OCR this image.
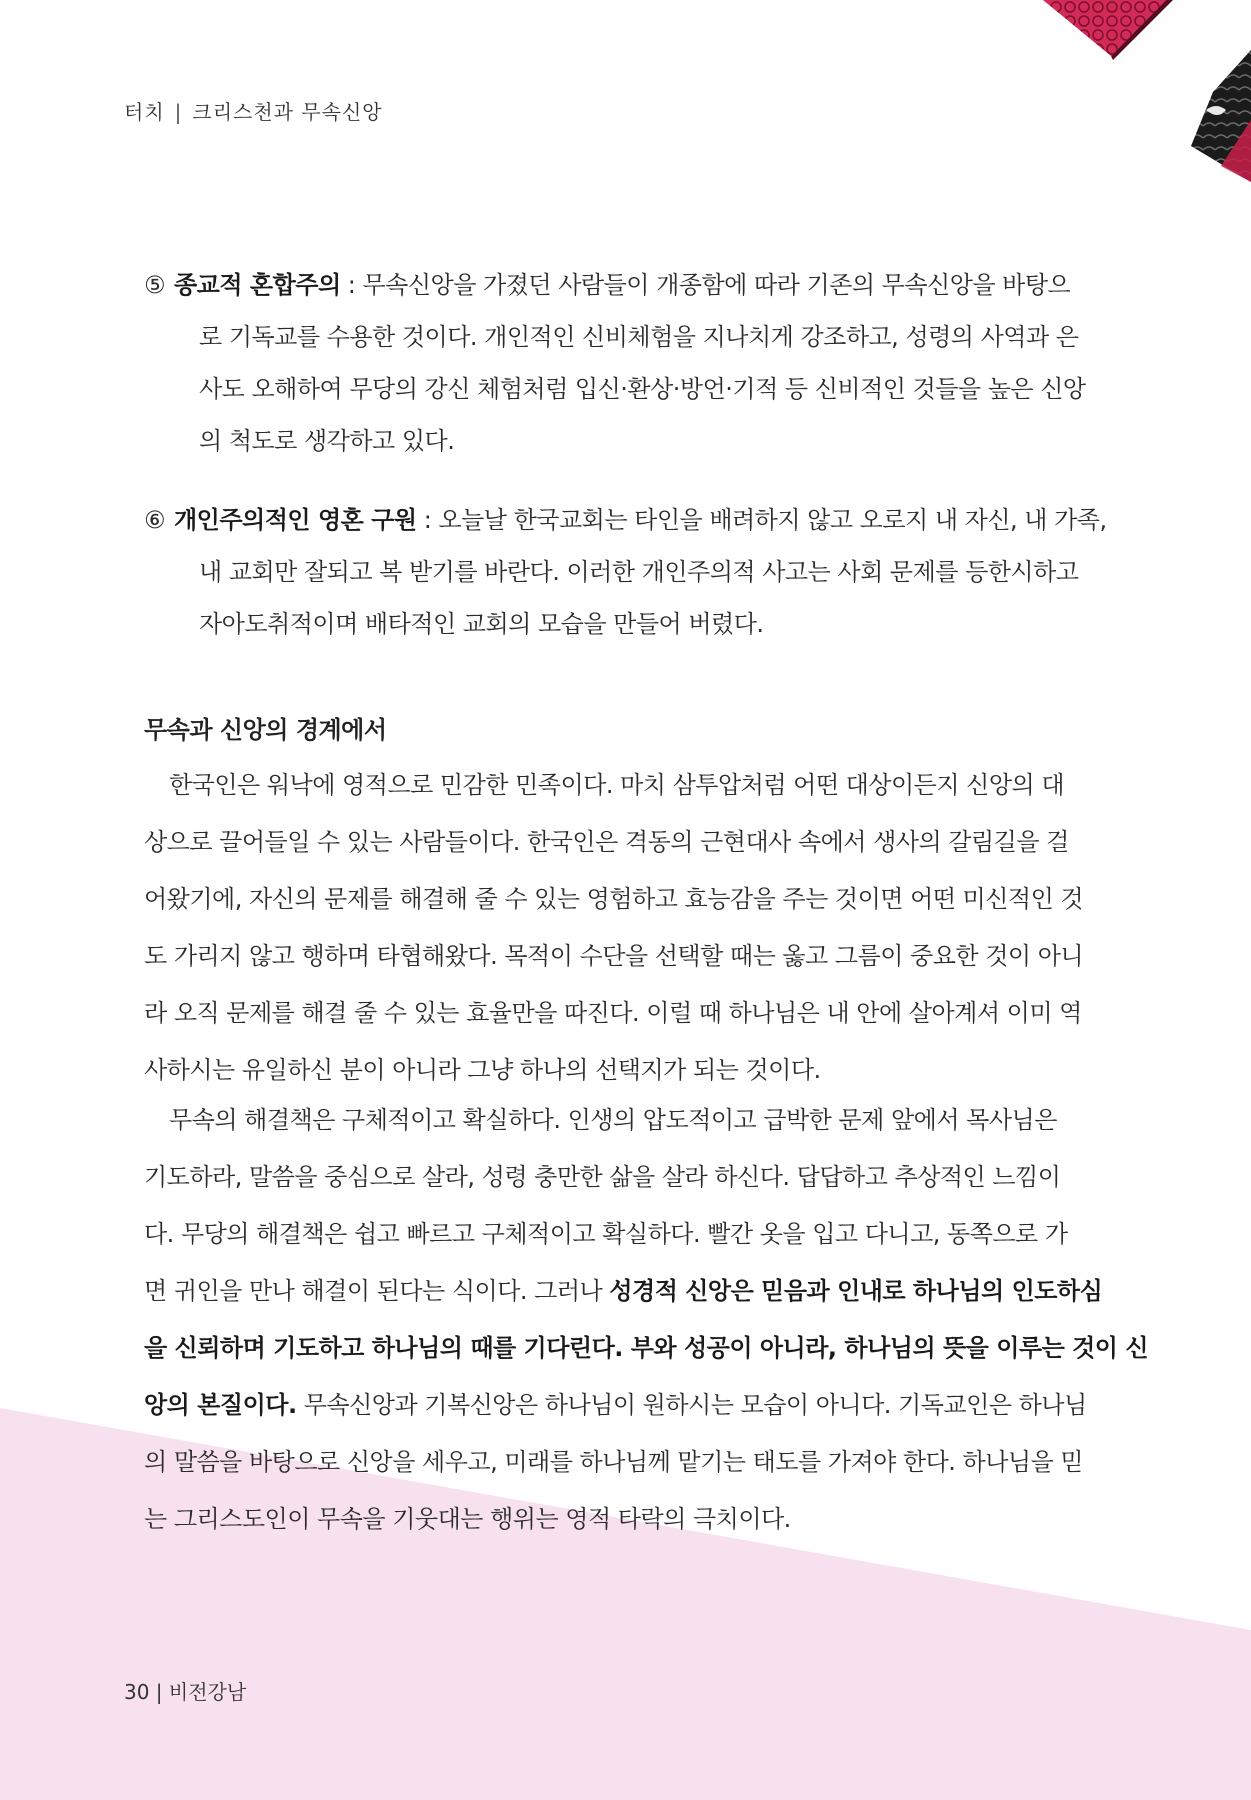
터치 | 크리스천과 무속신앙
⑤ 종교적 혼합주의 : 무속신앙을 가졌던 사람들이 개종함에 따라 기존의 무속신앙을 바탕으
로 기독교를 수용한 것이다. 개인적인 신비체험을 지나치게 강조하고, 성령의 사역과 은
사도 오해하여 무당의 강신 체험처럼 입신·환상·방언·기적 등 신비적인 것들을 높은 신앙
의 척도로 생각하고 있다.
⑥ 개인주의적인 영혼 구원 : 오늘날 한국교회는 타인을 배려하지 않고 오로지 내 자신, 내 가족,
내 교회만 잘되고 복 받기를 바란다. 이러한 개인주의적 사고는 사회 문제를 등한시하고
자아도취적이며 배타적인 교회의 모습을 만들어 버렸다.
무속과 신앙의 경계에서
한국인은 워낙에 영적으로 민감한 민족이다. 마치 삼투압처럼 어떤 대상이든지 신앙의 대
상으로 끌어들일 수 있는 사람들이다. 한국인은 격동의 근현대사 속에서 생사의 갈림길을 걸
어왔기에, 자신의 문제를 해결해 줄 수 있는 영험하고 효능감을 주는 것이면 어떤 미신적인 것
도 가리지 않고 행하며 타협해왔다. 목적이 수단을 선택할 때는 옳고 그름이 중요한 것이 아니
라 오직 문제를 해결 줄 수 있는 효율만을 따진다. 이럴 때 하나님은 내 안에 살아계셔 이미 역
사하시는 유일하신 분이 아니라 그냥 하나의 선택지가 되는 것이다.
무속의 해결책은 구체적이고 확실하다. 인생의 압도적이고 급박한 문제 앞에서 목사님은
기도하라, 말씀을 중심으로 살라, 성령 충만한 삶을 살라 하신다. 답답하고 추상적인 느낌이
다. 무당의 해결책은 쉽고 빠르고 구체적이고 확실하다. 빨간 옷을 입고 다니고, 동쪽으로 가
면 귀인을 만나 해결이 된다는 식이다. 그러나 성경적 신앙은 믿음과 인내로 하나님의 인도하심
을 신뢰하며 기도하고 하나님의 때를 기다린다. 부와 성공이 아니라, 하나님의 뜻을 이루는 것이 신
앙의 본질이다. 무속신앙과 기복신앙은 하나님이 원하시는 모습이 아니다. 기독교인은 하나님
의 말씀을 바탕으로 신앙을 세우고, 미래를 하나님께 맡기는 태도를 가져야 한다. 하나님을 믿
는 그리스도인이 무속을 기웃대는 행위는 영적 타락의 극치이다.
30 | 비전강남
